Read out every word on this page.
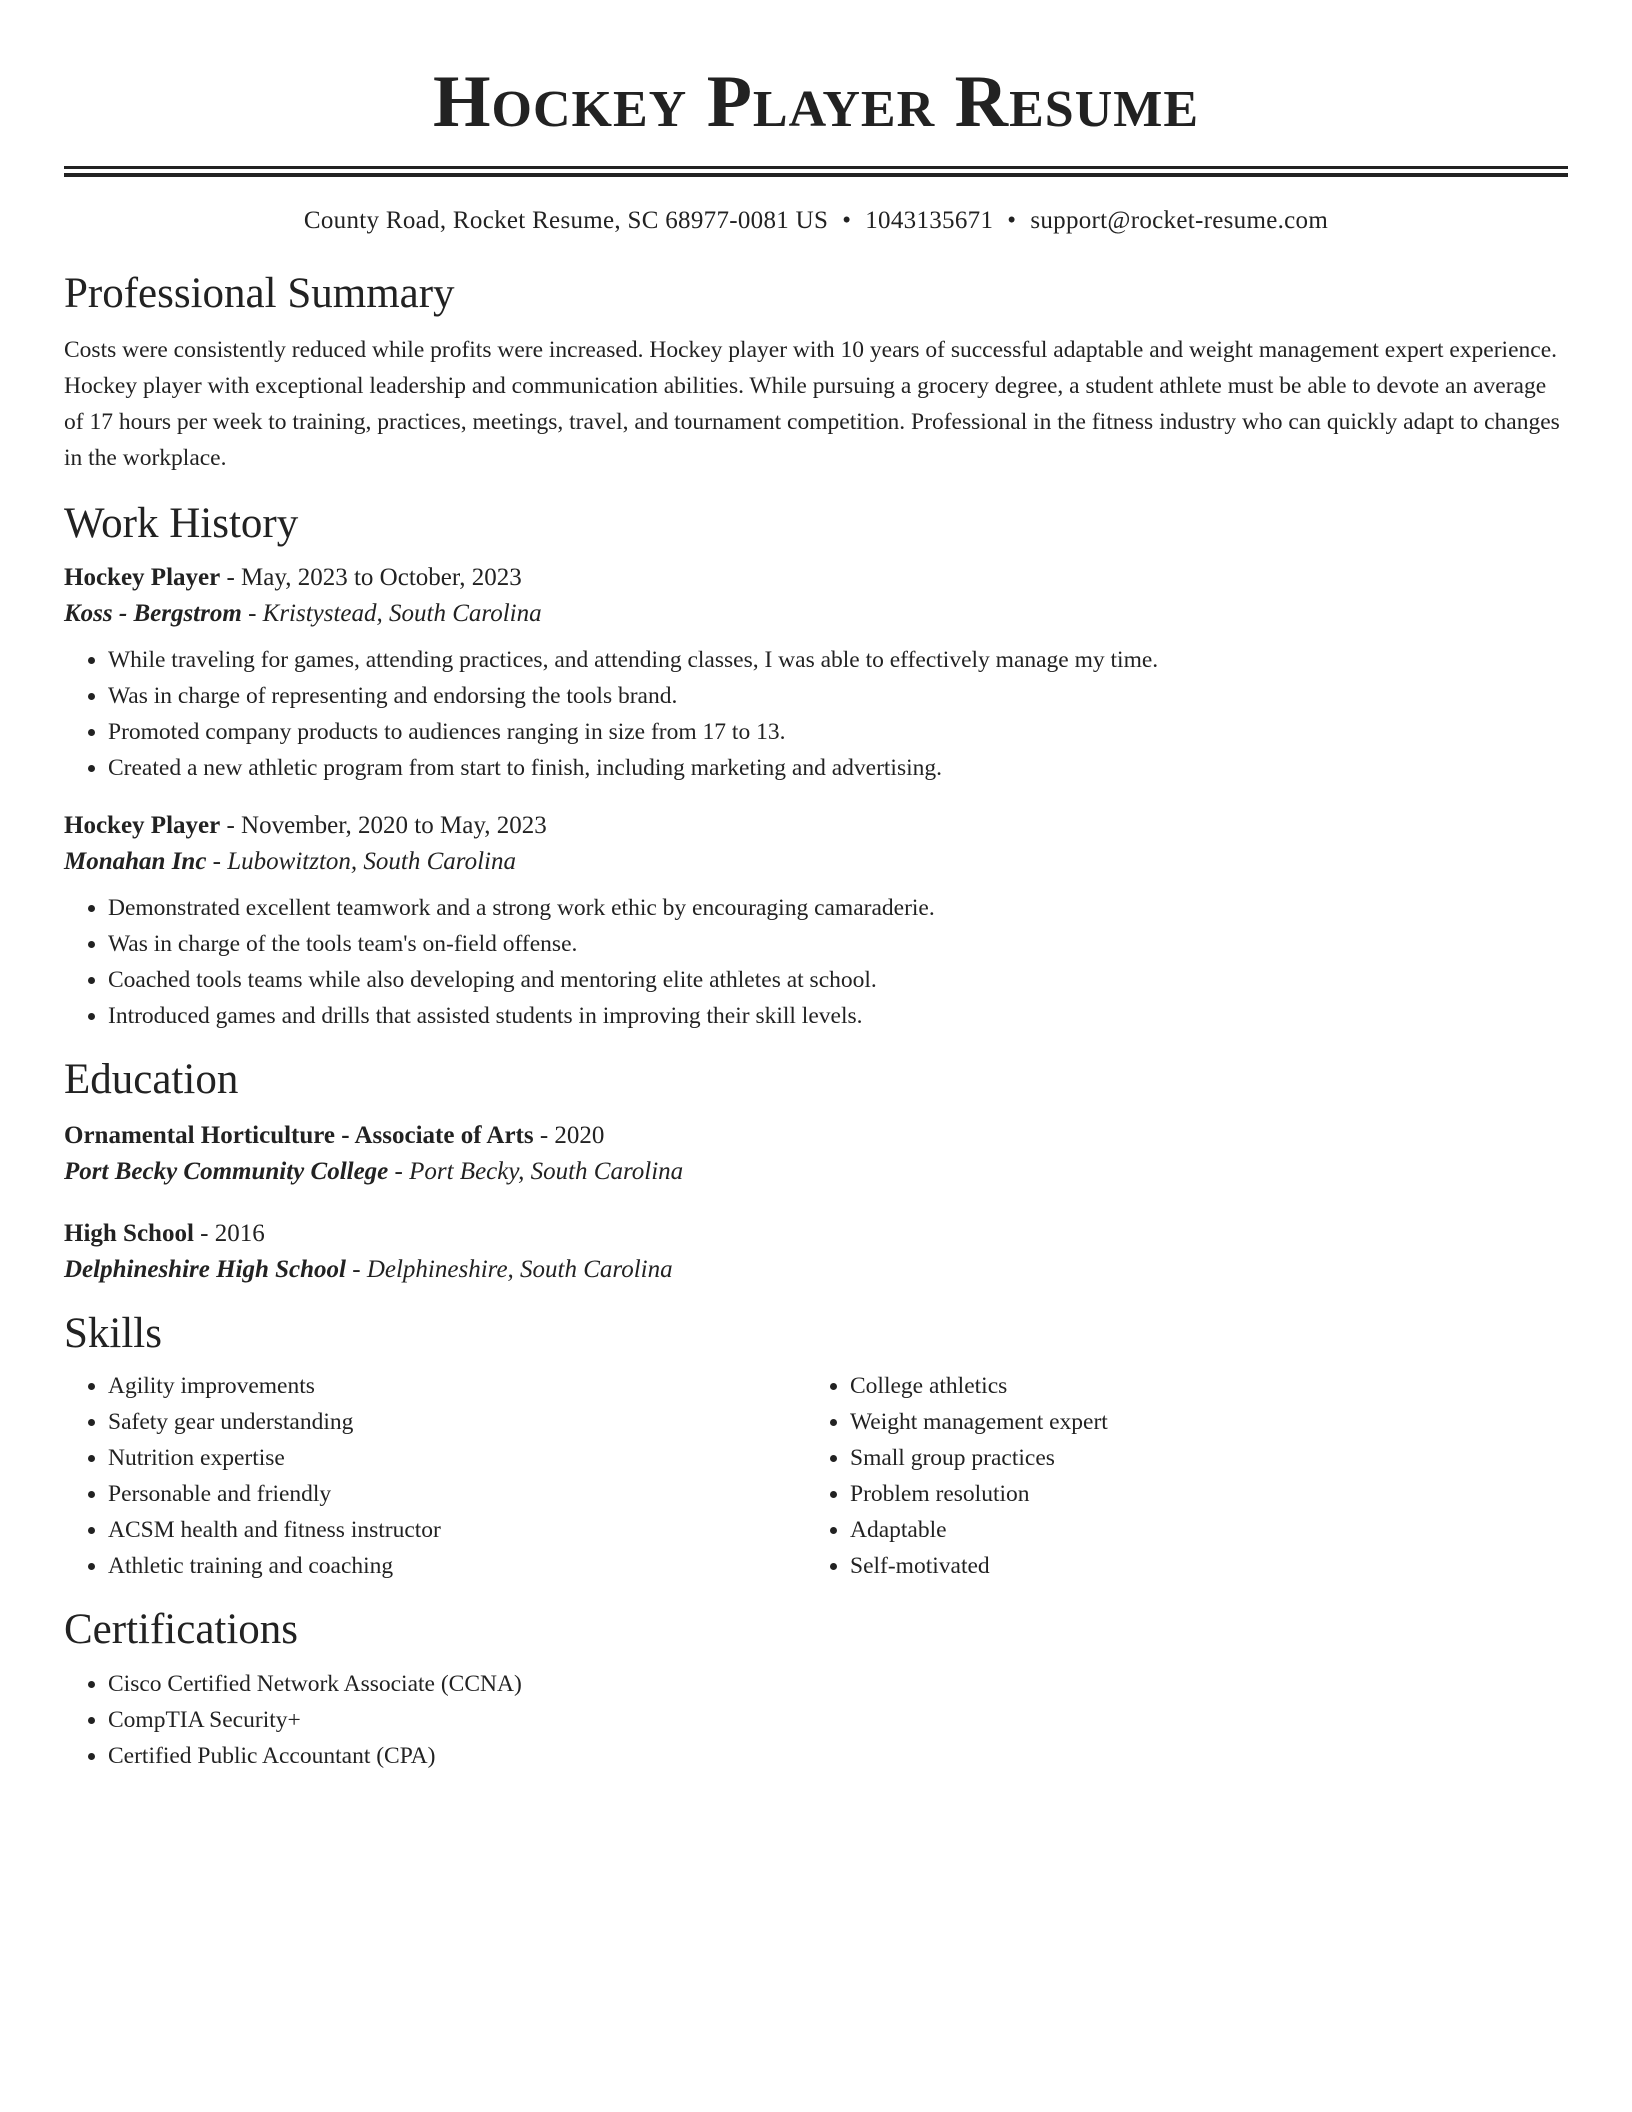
Hockey Player Resume
County Road, Rocket Resume, SC 68977-0081 US • 1043135671 • support@rocket-resume.com
Professional Summary

Costs were consistently reduced while profits were increased. Hockey player with 10 years of successful adaptable and weight management expert experience. Hockey player with exceptional leadership and communication abilities. While pursuing a grocery degree, a student athlete must be able to devote an average of 17 hours per week to training, practices, meetings, travel, and tournament competition. Professional in the fitness industry who can quickly adapt to changes in the workplace.

Work History
Hockey Player - May, 2023 to October, 2023
Koss - Bergstrom - Kristystead, South Carolina
• While traveling for games, attending practices, and attending classes, I was able to effectively manage my time.
• Was in charge of representing and endorsing the tools brand.
• Promoted company products to audiences ranging in size from 17 to 13.
• Created a new athletic program from start to finish, including marketing and advertising.
Hockey Player - November, 2020 to May, 2023
Monahan Inc - Lubowitzton, South Carolina
• Demonstrated excellent teamwork and a strong work ethic by encouraging camaraderie.
• Was in charge of the tools team's on-field offense.
• Coached tools teams while also developing and mentoring elite athletes at school.
• Introduced games and drills that assisted students in improving their skill levels.
Education
Ornamental Horticulture - Associate of Arts - 2020
Port Becky Community College - Port Becky, South Carolina
High School - 2016
Delphineshire High School - Delphineshire, South Carolina
Skills
• Agility improvements
• Safety gear understanding
• Nutrition expertise
• Personable and friendly
• ACSM health and fitness instructor
• Athletic training and coaching
• College athletics
• Weight management expert
• Small group practices
• Problem resolution
• Adaptable
• Self-motivated
Certifications
• Cisco Certified Network Associate (CCNA)
• CompTIA Security+
• Certified Public Accountant (CPA)
